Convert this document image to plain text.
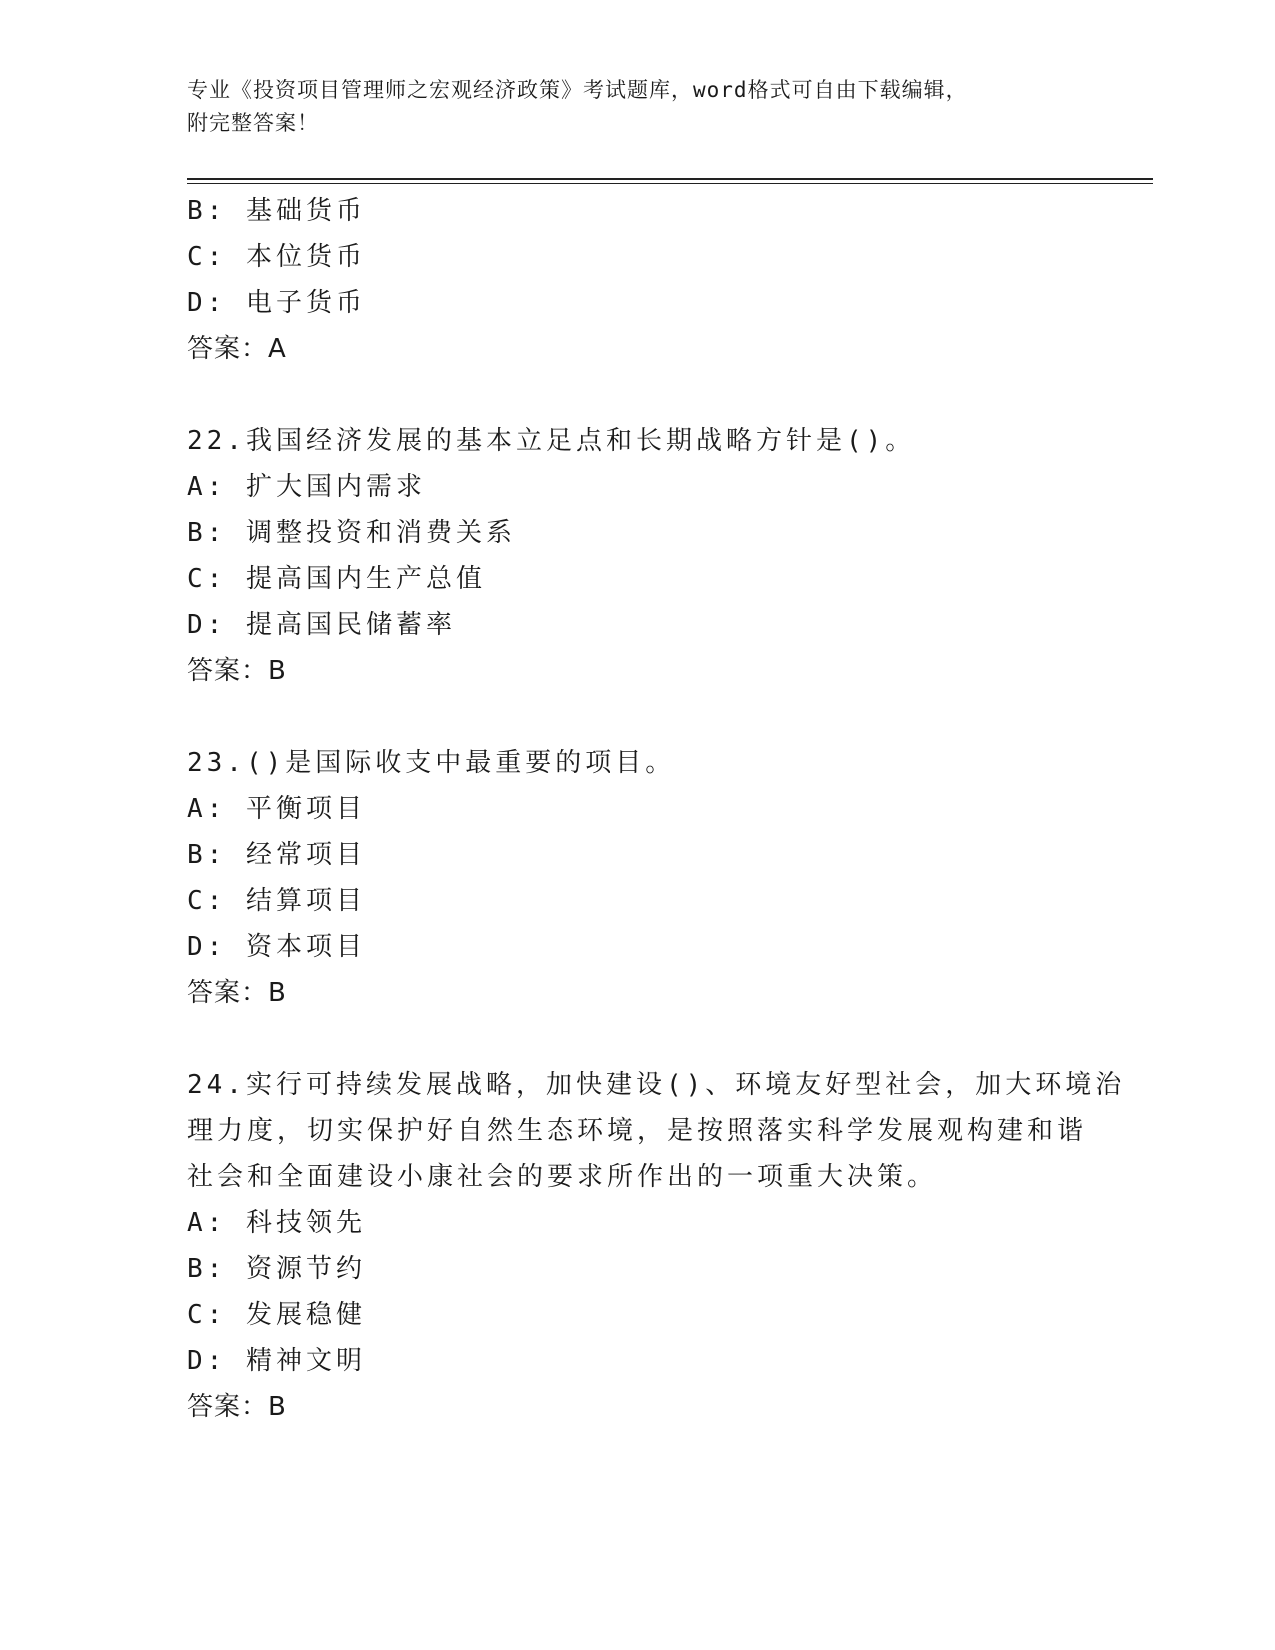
专业《投资项目管理师之宏观经济政策》考试题库，word格式可自由下载编辑，
附完整答案！
B: 基础货币
C: 本位货币
D: 电子货币
答案：A
22.我国经济发展的基本立足点和长期战略方针是()。
A: 扩大国内需求
B: 调整投资和消费关系
C: 提高国内生产总值
D: 提高国民储蓄率
答案：B
23.()是国际收支中最重要的项目。
A: 平衡项目
B: 经常项目
C: 结算项目
D: 资本项目
答案：B
24.实行可持续发展战略，加快建设()、环境友好型社会，加大环境治
理力度，切实保护好自然生态环境，是按照落实科学发展观构建和谐
社会和全面建设小康社会的要求所作出的一项重大决策。
A: 科技领先
B: 资源节约
C: 发展稳健
D: 精神文明
答案：B
